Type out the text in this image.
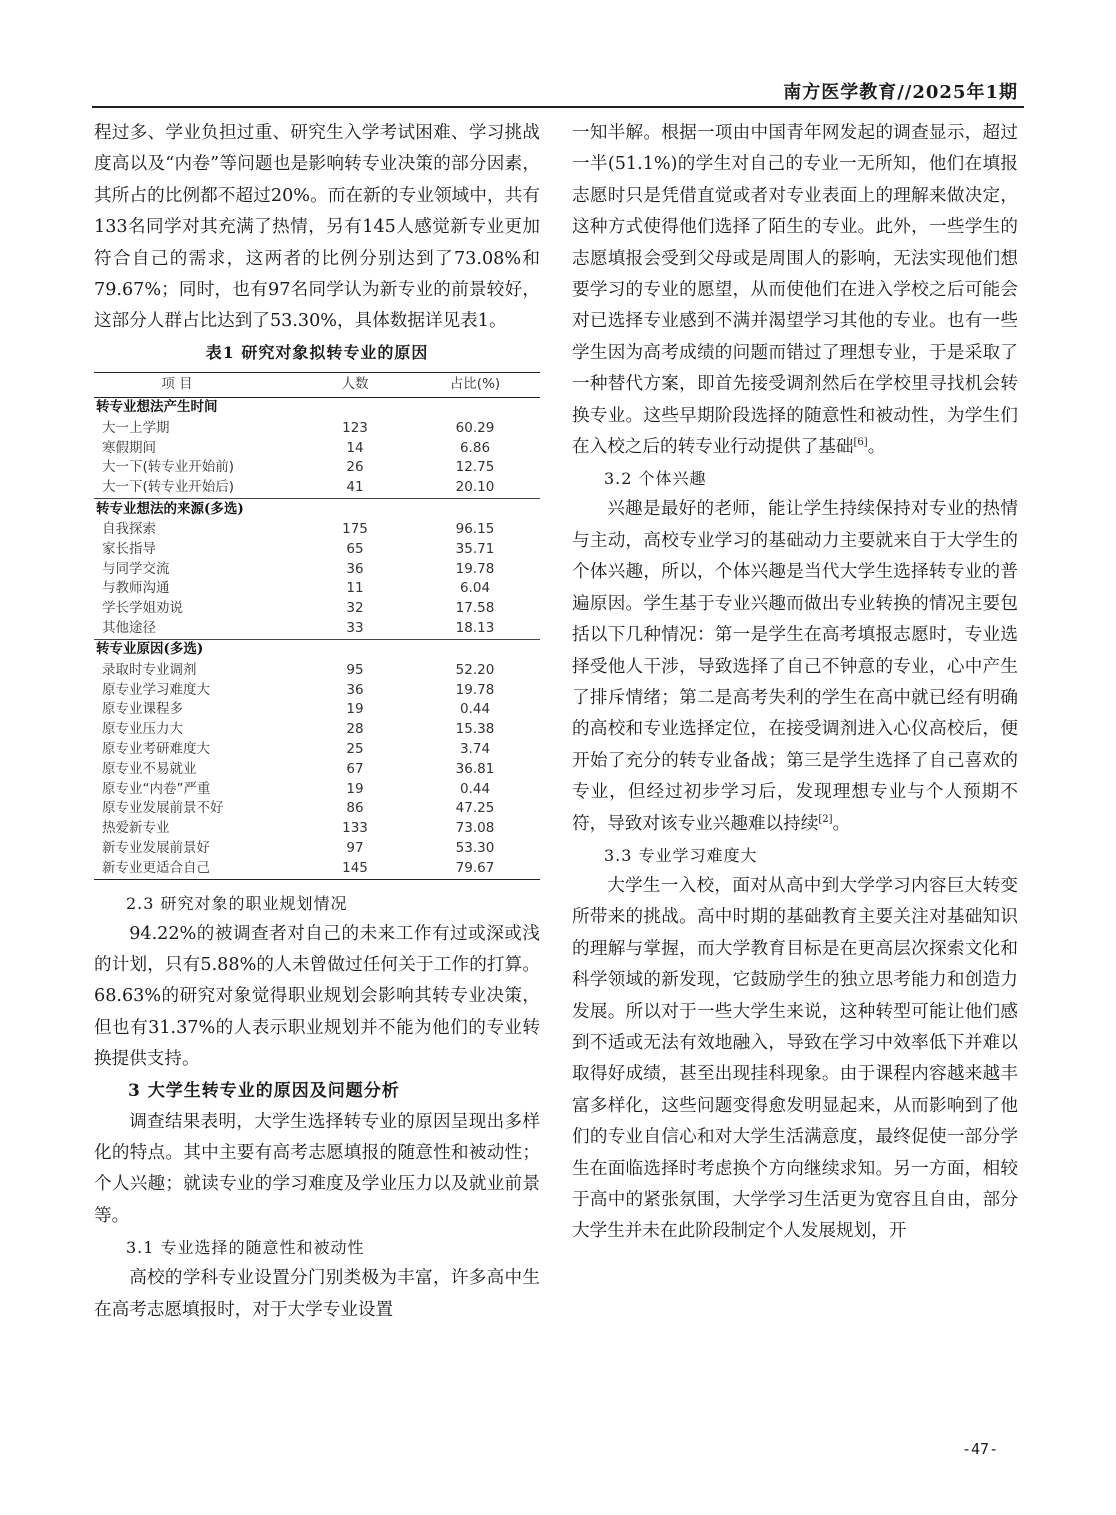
南方医学教育//2025年1期

程过多、学业负担过重、研究生入学考试困难、学习挑战度高以及“内卷”等问题也是影响转专业决策的部分因素，其所占的比例都不超过20%。而在新的专业领域中，共有133名同学对其充满了热情，另有145人感觉新专业更加符合自己的需求，这两者的比例分别达到了73.08%和79.67%；同时，也有97名同学认为新专业的前景较好，这部分人群占比达到了53.30%，具体数据详见表1。

表1 研究对象拟转专业的原因
项 目	人数	占比(%)
转专业想法产生时间		
大一上学期	123	60.29
寒假期间	14	6.86
大一下(转专业开始前)	26	12.75
大一下(转专业开始后)	41	20.10
转专业想法的来源(多选)		
自我探索	175	96.15
家长指导	65	35.71
与同学交流	36	19.78
与教师沟通	11	6.04
学长学姐劝说	32	17.58
其他途径	33	18.13
转专业原因(多选)		
录取时专业调剂	95	52.20
原专业学习难度大	36	19.78
原专业课程多	19	0.44
原专业压力大	28	15.38
原专业考研难度大	25	3.74
原专业不易就业	67	36.81
原专业“内卷”严重	19	0.44
原专业发展前景不好	86	47.25
热爱新专业	133	73.08
新专业发展前景好	97	53.30
新专业更适合自己	145	79.67

2.3 研究对象的职业规划情况

94.22%的被调查者对自己的未来工作有过或深或浅的计划，只有5.88%的人未曾做过任何关于工作的打算。68.63%的研究对象觉得职业规划会影响其转专业决策，但也有31.37%的人表示职业规划并不能为他们的专业转换提供支持。

3 大学生转专业的原因及问题分析

调查结果表明，大学生选择转专业的原因呈现出多样化的特点。其中主要有高考志愿填报的随意性和被动性；个人兴趣；就读专业的学习难度及学业压力以及就业前景等。

3.1 专业选择的随意性和被动性

高校的学科专业设置分门别类极为丰富，许多高中生在高考志愿填报时，对于大学专业设置

一知半解。根据一项由中国青年网发起的调查显示，超过一半(51.1%)的学生对自己的专业一无所知，他们在填报志愿时只是凭借直觉或者对专业表面上的理解来做决定，这种方式使得他们选择了陌生的专业。此外，一些学生的志愿填报会受到父母或是周围人的影响，无法实现他们想要学习的专业的愿望，从而使他们在进入学校之后可能会对已选择专业感到不满并渴望学习其他的专业。也有一些学生因为高考成绩的问题而错过了理想专业，于是采取了一种替代方案，即首先接受调剂然后在学校里寻找机会转换专业。这些早期阶段选择的随意性和被动性，为学生们在入校之后的转专业行动提供了基础[6]。

3.2 个体兴趣

兴趣是最好的老师，能让学生持续保持对专业的热情与主动，高校专业学习的基础动力主要就来自于大学生的个体兴趣，所以，个体兴趣是当代大学生选择转专业的普遍原因。学生基于专业兴趣而做出专业转换的情况主要包括以下几种情况：第一是学生在高考填报志愿时，专业选择受他人干涉，导致选择了自己不钟意的专业，心中产生了排斥情绪；第二是高考失利的学生在高中就已经有明确的高校和专业选择定位，在接受调剂进入心仪高校后，便开始了充分的转专业备战；第三是学生选择了自己喜欢的专业，但经过初步学习后，发现理想专业与个人预期不符，导致对该专业兴趣难以持续[2]。

3.3 专业学习难度大

大学生一入校，面对从高中到大学学习内容巨大转变所带来的挑战。高中时期的基础教育主要关注对基础知识的理解与掌握，而大学教育目标是在更高层次探索文化和科学领域的新发现，它鼓励学生的独立思考能力和创造力发展。所以对于一些大学生来说，这种转型可能让他们感到不适或无法有效地融入，导致在学习中效率低下并难以取得好成绩，甚至出现挂科现象。由于课程内容越来越丰富多样化，这些问题变得愈发明显起来，从而影响到了他们的专业自信心和对大学生活满意度，最终促使一部分学生在面临选择时考虑换个方向继续求知。另一方面，相较于高中的紧张氛围，大学学习生活更为宽容且自由，部分大学生并未在此阶段制定个人发展规划，开

-47-
